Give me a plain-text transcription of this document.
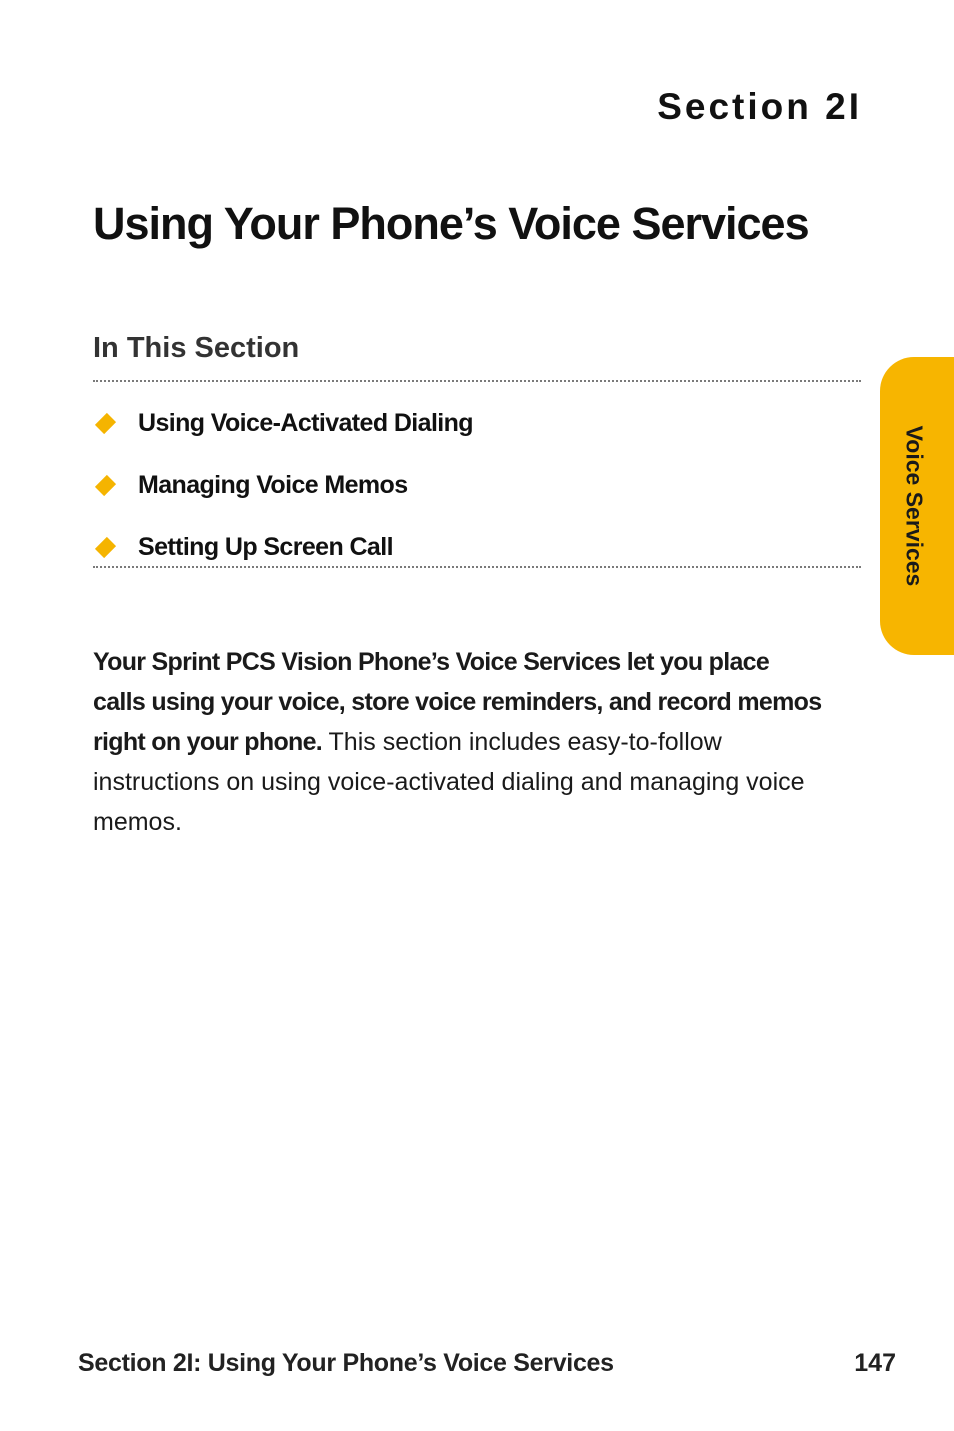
Section 2I
Using Your Phone’s Voice Services
In This Section
Using Voice-Activated Dialing
Managing Voice Memos
Setting Up Screen Call

Your Sprint PCS Vision Phone’s Voice Services let you place calls using your voice, store voice reminders, and record memos right on your phone. This section includes easy-to-follow instructions on using voice-activated dialing and managing voice memos.

Voice Services
Section 2I: Using Your Phone’s Voice Services	147
